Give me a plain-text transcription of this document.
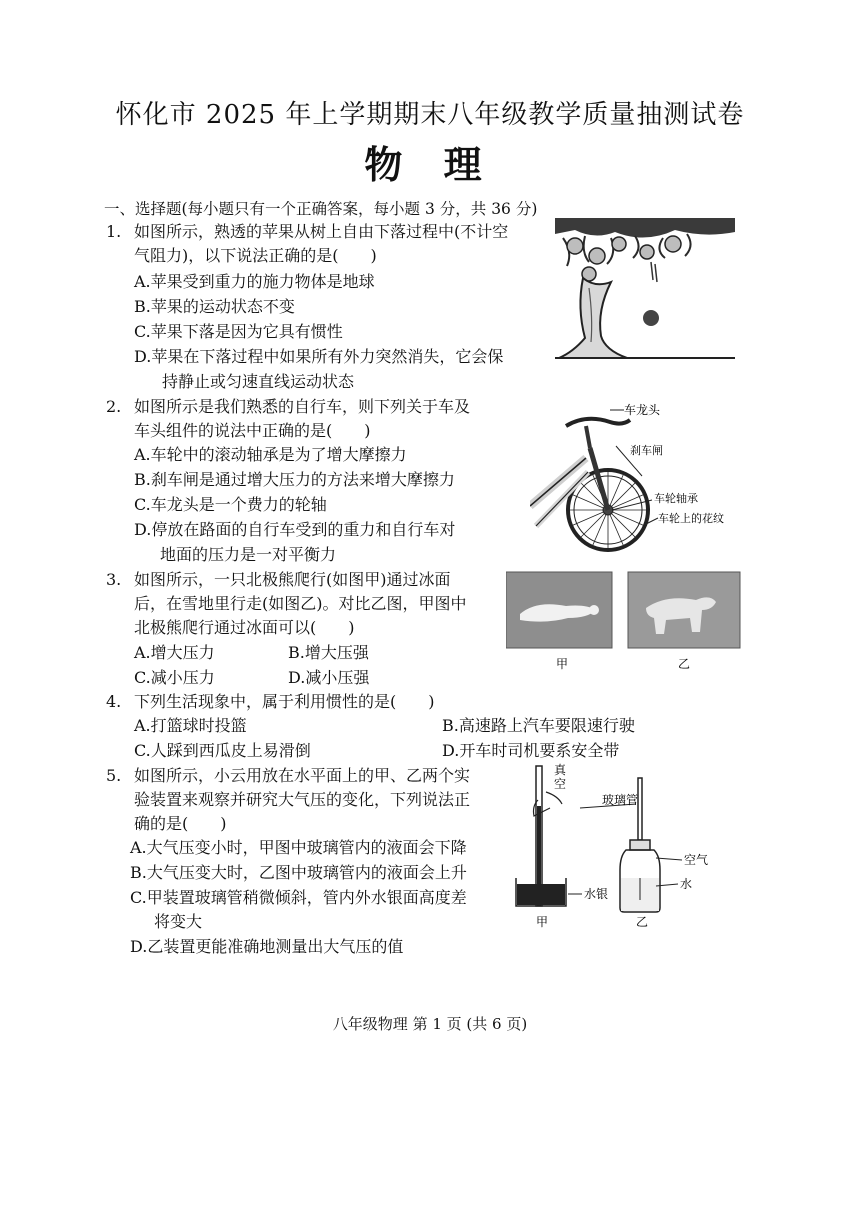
怀化市 2025 年上学期期末八年级教学质量抽测试卷
物 理
一、选择题(每小题只有一个正确答案，每小题 3 分，共 36 分)
1. 如图所示，熟透的苹果从树上自由下落过程中(不计空
气阻力)，以下说法正确的是(　　)
A.苹果受到重力的施力物体是地球
B.苹果的运动状态不变
C.苹果下落是因为它具有惯性
D.苹果在下落过程中如果所有外力突然消失，它会保
持静止或匀速直线运动状态
2. 如图所示是我们熟悉的自行车，则下列关于车及
车头组件的说法中正确的是(　　)
A.车轮中的滚动轴承是为了增大摩擦力
B.刹车闸是通过增大压力的方法来增大摩擦力
C.车龙头是一个费力的轮轴
D.停放在路面的自行车受到的重力和自行车对
地面的压力是一对平衡力
车龙头
刹车闸
车轮轴承
车轮上的花纹
3. 如图所示，一只北极熊爬行(如图甲)通过冰面
后，在雪地里行走(如图乙)。对比乙图，甲图中
北极熊爬行通过冰面可以(　　)
A.增大压力	B.增大压强
C.减小压力	D.减小压强
甲	乙
4. 下列生活现象中，属于利用惯性的是(　　)
A.打篮球时投篮	B.高速路上汽车要限速行驶
C.人踩到西瓜皮上易滑倒	D.开车时司机要系安全带
5. 如图所示，小云用放在水平面上的甲、乙两个实
验装置来观察并研究大气压的变化，下列说法正
确的是(　　)
A.大气压变小时，甲图中玻璃管内的液面会下降
B.大气压变大时，乙图中玻璃管内的液面会上升
C.甲装置玻璃管稍微倾斜，管内外水银面高度差
将变大
D.乙装置更能准确地测量出大气压的值
真
空
玻璃管
空气
水
水银
甲	乙
八年级物理 第 1 页 (共 6 页)
